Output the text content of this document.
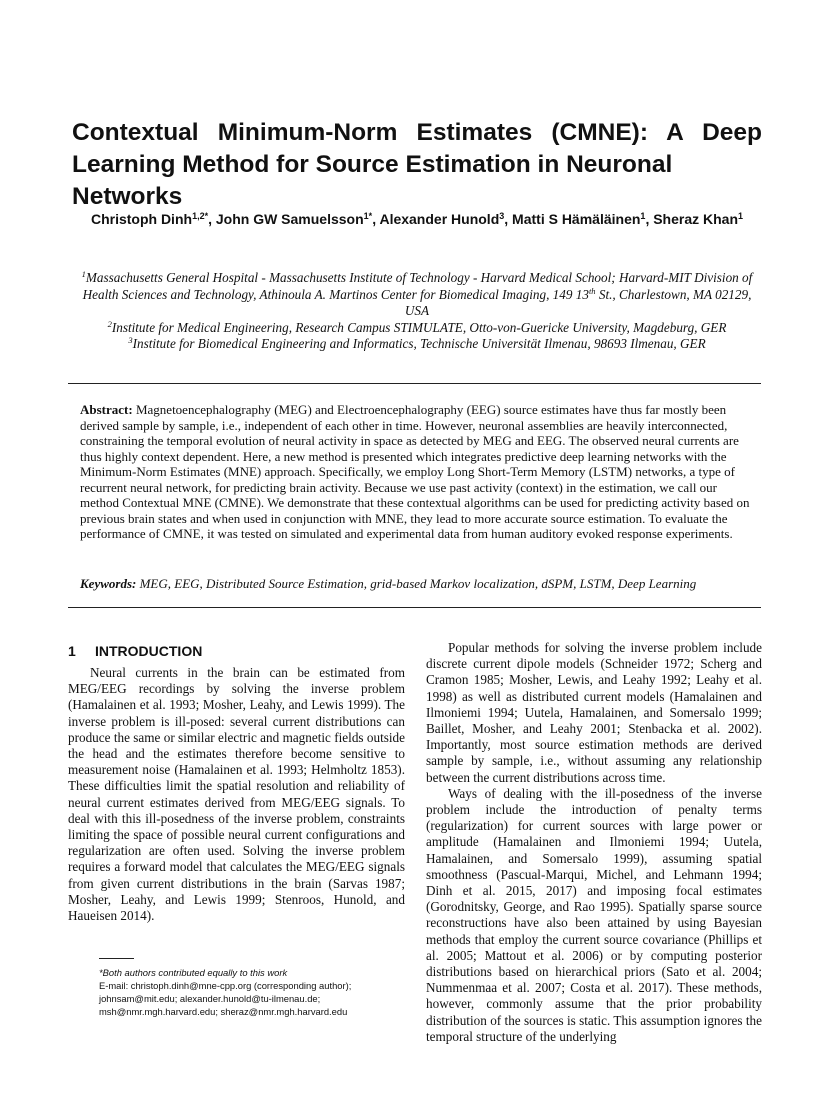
Contextual Minimum-Norm Estimates (CMNE): A Deep
Learning Method for Source Estimation in Neuronal Networks
Christoph Dinh$^{1,2*}$, John GW Samuelsson$^{1*}$, Alexander Hunold$^3$, Matti S Hämäläinen$^1$, Sheraz Khan$^1$
$^1$Massachusetts General Hospital - Massachusetts Institute of Technology - Harvard Medical School; Harvard-MIT Division of Health Sciences and Technology, Athinoula A. Martinos Center for Biomedical Imaging, 149 13th St., Charlestown, MA 02129, USA
$^2$Institute for Medical Engineering, Research Campus STIMULATE, Otto-von-Guericke University, Magdeburg, GER
$^3$Institute for Biomedical Engineering and Informatics, Technische Universität Ilmenau, 98693 Ilmenau, GER
Abstract: Magnetoencephalography (MEG) and Electroencephalography (EEG) source estimates have thus far mostly been derived sample by sample, i.e., independent of each other in time. However, neuronal assemblies are heavily interconnected, constraining the temporal evolution of neural activity in space as detected by MEG and EEG. The observed neural currents are thus highly context dependent. Here, a new method is presented which integrates predictive deep learning networks with the Minimum-Norm Estimates (MNE) approach. Specifically, we employ Long Short-Term Memory (LSTM) networks, a type of recurrent neural network, for predicting brain activity. Because we use past activity (context) in the estimation, we call our method Contextual MNE (CMNE). We demonstrate that these contextual algorithms can be used for predicting activity based on previous brain states and when used in conjunction with MNE, they lead to more accurate source estimation. To evaluate the performance of CMNE, it was tested on simulated and experimental data from human auditory evoked response experiments.
Keywords: MEG, EEG, Distributed Source Estimation, grid-based Markov localization, dSPM, LSTM, Deep Learning
1 INTRODUCTION

Neural currents in the brain can be estimated from MEG/EEG recordings by solving the inverse problem (Hamalainen et al. 1993; Mosher, Leahy, and Lewis 1999). The inverse problem is ill-posed: several current distributions can produce the same or similar electric and magnetic fields outside the head and the estimates therefore become sensitive to measurement noise (Hamalainen et al. 1993; Helmholtz 1853). These difficulties limit the spatial resolution and reliability of neural current estimates derived from MEG/EEG signals. To deal with this ill-posedness of the inverse problem, constraints limiting the space of possible neural current configurations and regularization are often used. Solving the inverse problem requires a forward model that calculates the MEG/EEG signals from given current distributions in the brain (Sarvas 1987; Mosher, Leahy, and Lewis 1999; Stenroos, Hunold, and Haueisen 2014).

Popular methods for solving the inverse problem include discrete current dipole models (Schneider 1972; Scherg and Cramon 1985; Mosher, Lewis, and Leahy 1992; Leahy et al. 1998) as well as distributed current models (Hamalainen and Ilmoniemi 1994; Uutela, Hamalainen, and Somersalo 1999; Baillet, Mosher, and Leahy 2001; Stenbacka et al. 2002). Importantly, most source estimation methods are derived sample by sample, i.e., without assuming any relationship between the current distributions across time.

Ways of dealing with the ill-posedness of the inverse problem include the introduction of penalty terms (regularization) for current sources with large power or amplitude (Hamalainen and Ilmoniemi 1994; Uutela, Hamalainen, and Somersalo 1999), assuming spatial smoothness (Pascual-Marqui, Michel, and Lehmann 1994; Dinh et al. 2015, 2017) and imposing focal estimates (Gorodnitsky, George, and Rao 1995). Spatially sparse source reconstructions have also been attained by using Bayesian methods that employ the current source covariance (Phillips et al. 2005; Mattout et al. 2006) or by computing posterior distributions based on hierarchical priors (Sato et al. 2004; Nummenmaa et al. 2007; Costa et al. 2017). These methods, however, commonly assume that the prior probability distribution of the sources is static. This assumption ignores the temporal structure of the underlying

*Both authors contributed equally to this work
E-mail: christoph.dinh@mne-cpp.org (corresponding author);
johnsam@mit.edu; alexander.hunold@tu-ilmenau.de;
msh@nmr.mgh.harvard.edu; sheraz@nmr.mgh.harvard.edu
